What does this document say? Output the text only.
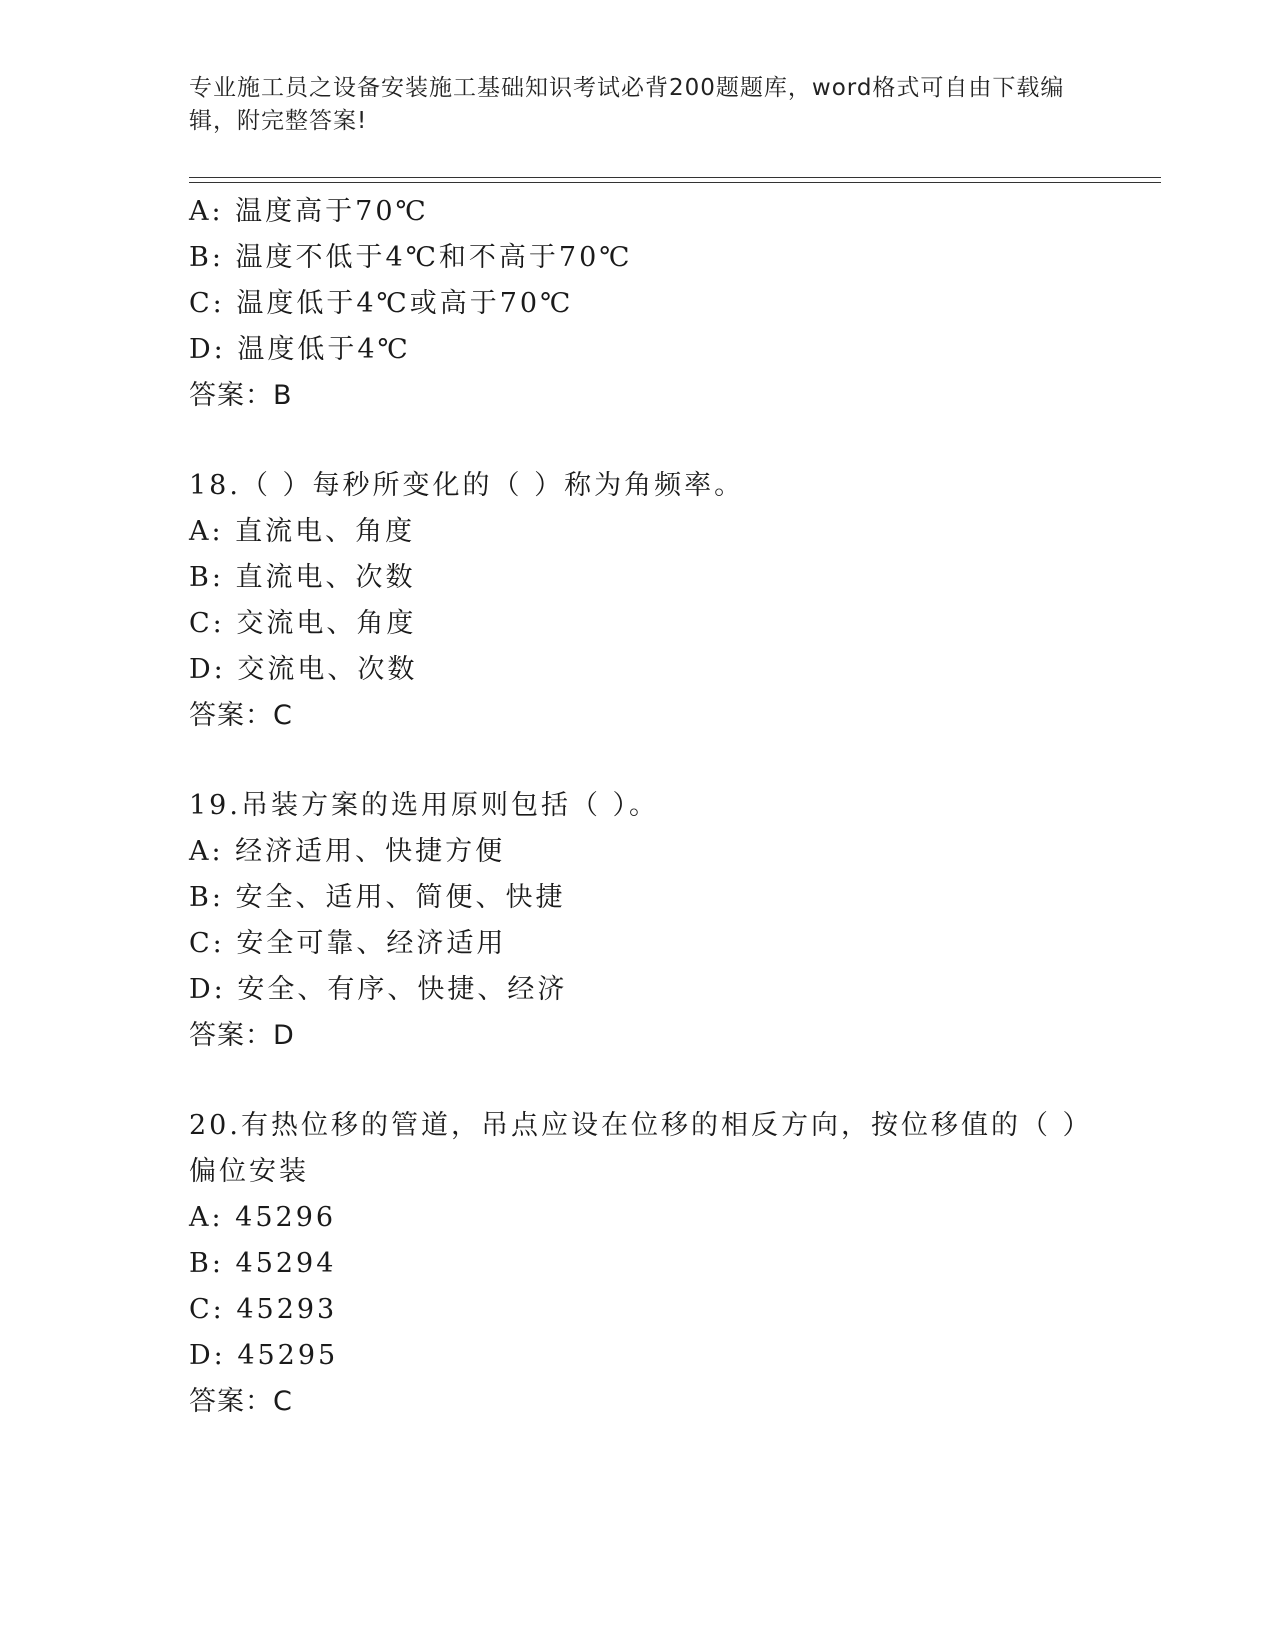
专业施工员之设备安装施工基础知识考试必背200题题库，word格式可自由下载编辑，附完整答案!
A: 温度高于70℃
B: 温度不低于4℃和不高于70℃
C: 温度低于4℃或高于70℃
D: 温度低于4℃
答案：B
18.（ ）每秒所变化的（ ）称为角频率。
A: 直流电、角度
B: 直流电、次数
C: 交流电、角度
D: 交流电、次数
答案：C
19.吊装方案的选用原则包括（ ）。
A: 经济适用、快捷方便
B: 安全、适用、简便、快捷
C: 安全可靠、经济适用
D: 安全、有序、快捷、经济
答案：D
20.有热位移的管道，吊点应设在位移的相反方向，按位移值的（ ）偏位安装
A: 45296
B: 45294
C: 45293
D: 45295
答案：C
